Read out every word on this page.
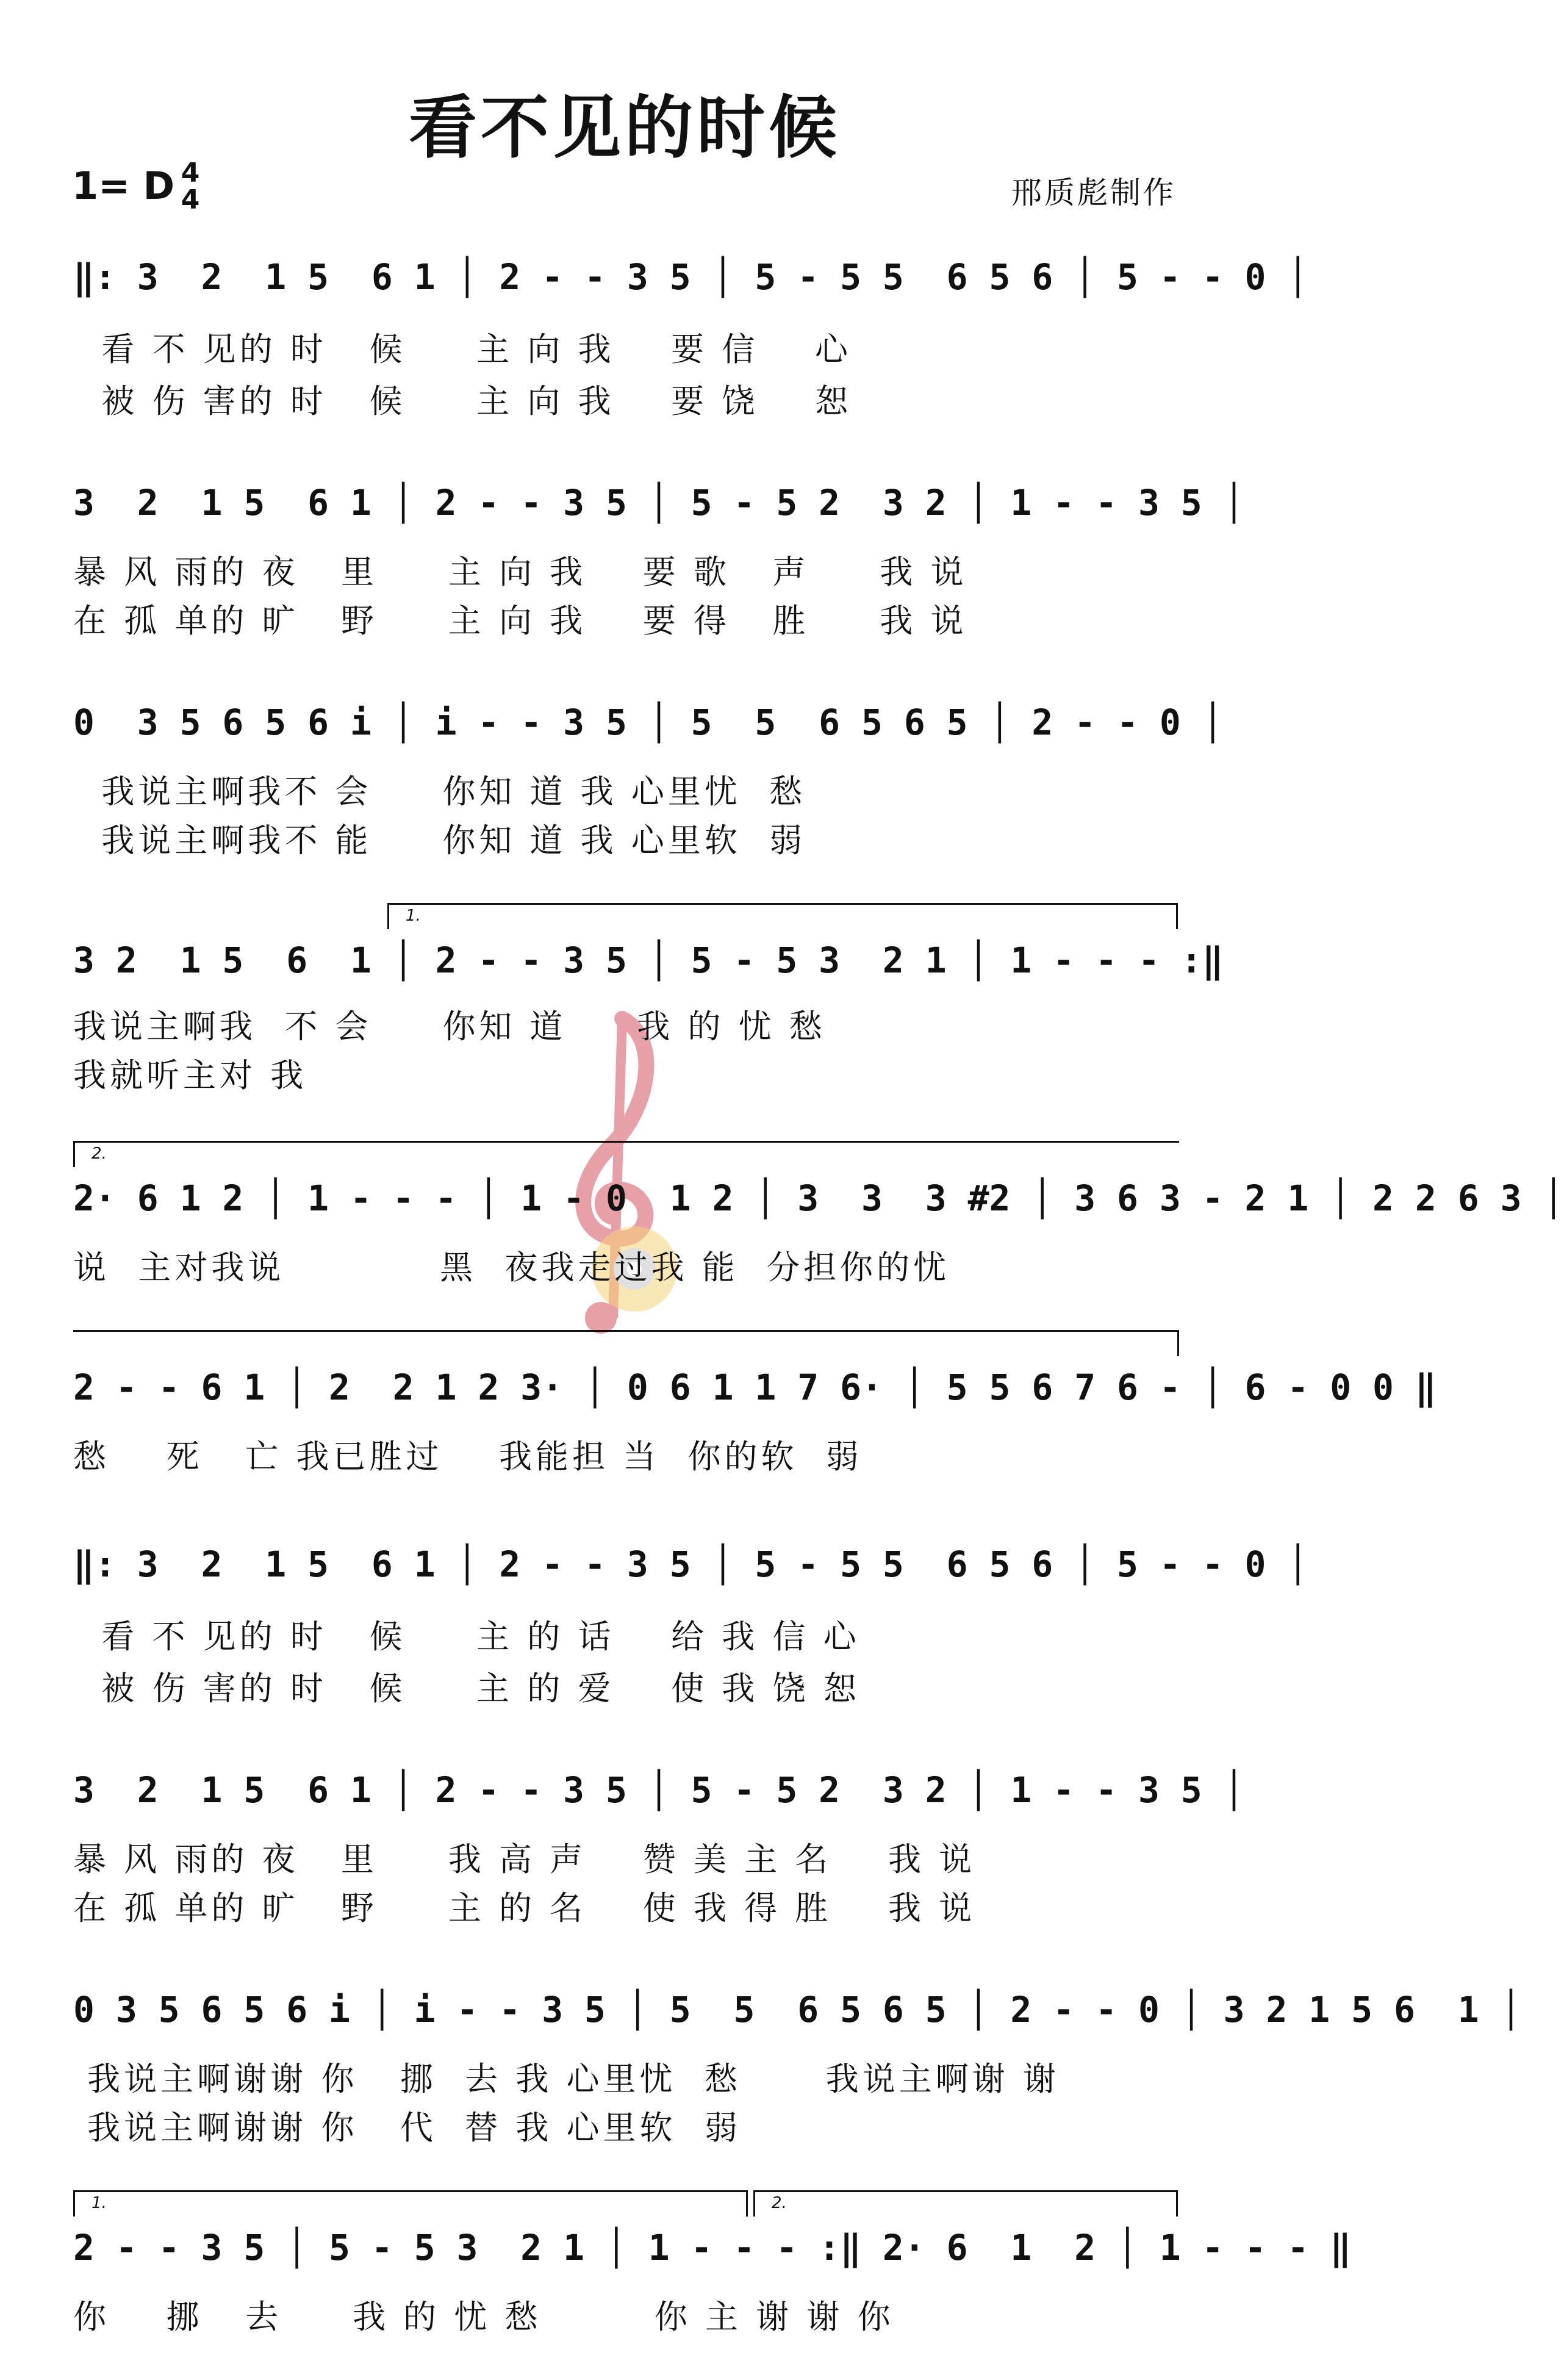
看不见的时候
1= D 4
4	邢质彪制作
‖: 3  2  1 5  6 1 │ 2 - - 3 5 │ 5 - 5 5  6 5 6 │ 5 - - 0 │
看 不 见的 时   候     主 向 我    要 信    心
被 伤 害的 时   候     主 向 我    要 饶    恕
3  2  1 5  6 1 │ 2 - - 3 5 │ 5 - 5 2  3 2 │ 1 - - 3 5 │
暴 风 雨的 夜   里     主 向 我    要 歌   声     我 说
在 孤 单的 旷   野     主 向 我    要 得   胜     我 说
0  3 5 6 5 6 i │ i - - 3 5 │ 5  5  6 5 6 5 │ 2 - - 0 │
我说主啊我不 会     你知 道 我 心里忧  愁
我说主啊我不 能     你知 道 我 心里软  弱
1.
3 2  1 5  6  1 │ 2 - - 3 5 │ 5 - 5 3  2 1 │ 1 - - - :‖
我说主啊我  不 会     你知 道     我 的 忧 愁
我就听主对 我
2.
2· 6 1 2 │ 1 - - - │ 1 - 0  1 2 │ 3  3  3 #2 │ 3 6 3 - 2 1 │ 2 2 6 3 │
说  主对我说           黑  夜我走过我 能  分担你的忧
2 - - 6 1 │ 2  2 1 2 3· │ 0 6 1 1 7 6· │ 5 5 6 7 6 - │ 6 - 0 0 ‖
愁    死   亡 我已胜过    我能担 当  你的软  弱
‖: 3  2  1 5  6 1 │ 2 - - 3 5 │ 5 - 5 5  6 5 6 │ 5 - - 0 │
看 不 见的 时   候     主 的 话    给 我 信 心
被 伤 害的 时   候     主 的 爱    使 我 饶 恕
3  2  1 5  6 1 │ 2 - - 3 5 │ 5 - 5 2  3 2 │ 1 - - 3 5 │
暴 风 雨的 夜   里     我 高 声    赞 美 主 名    我 说
在 孤 单的 旷   野     主 的 名    使 我 得 胜    我 说
0 3 5 6 5 6 i │ i - - 3 5 │ 5  5  6 5 6 5 │ 2 - - 0 │ 3 2 1 5 6  1 │
我说主啊谢谢 你   挪  去 我 心里忧  愁      我说主啊谢 谢
我说主啊谢谢 你   代  替 我 心里软  弱
1.	2.
2 - - 3 5 │ 5 - 5 3  2 1 │ 1 - - - :‖ 2· 6  1  2 │ 1 - - - ‖
你    挪   去     我 的 忧 愁        你 主 谢 谢 你
